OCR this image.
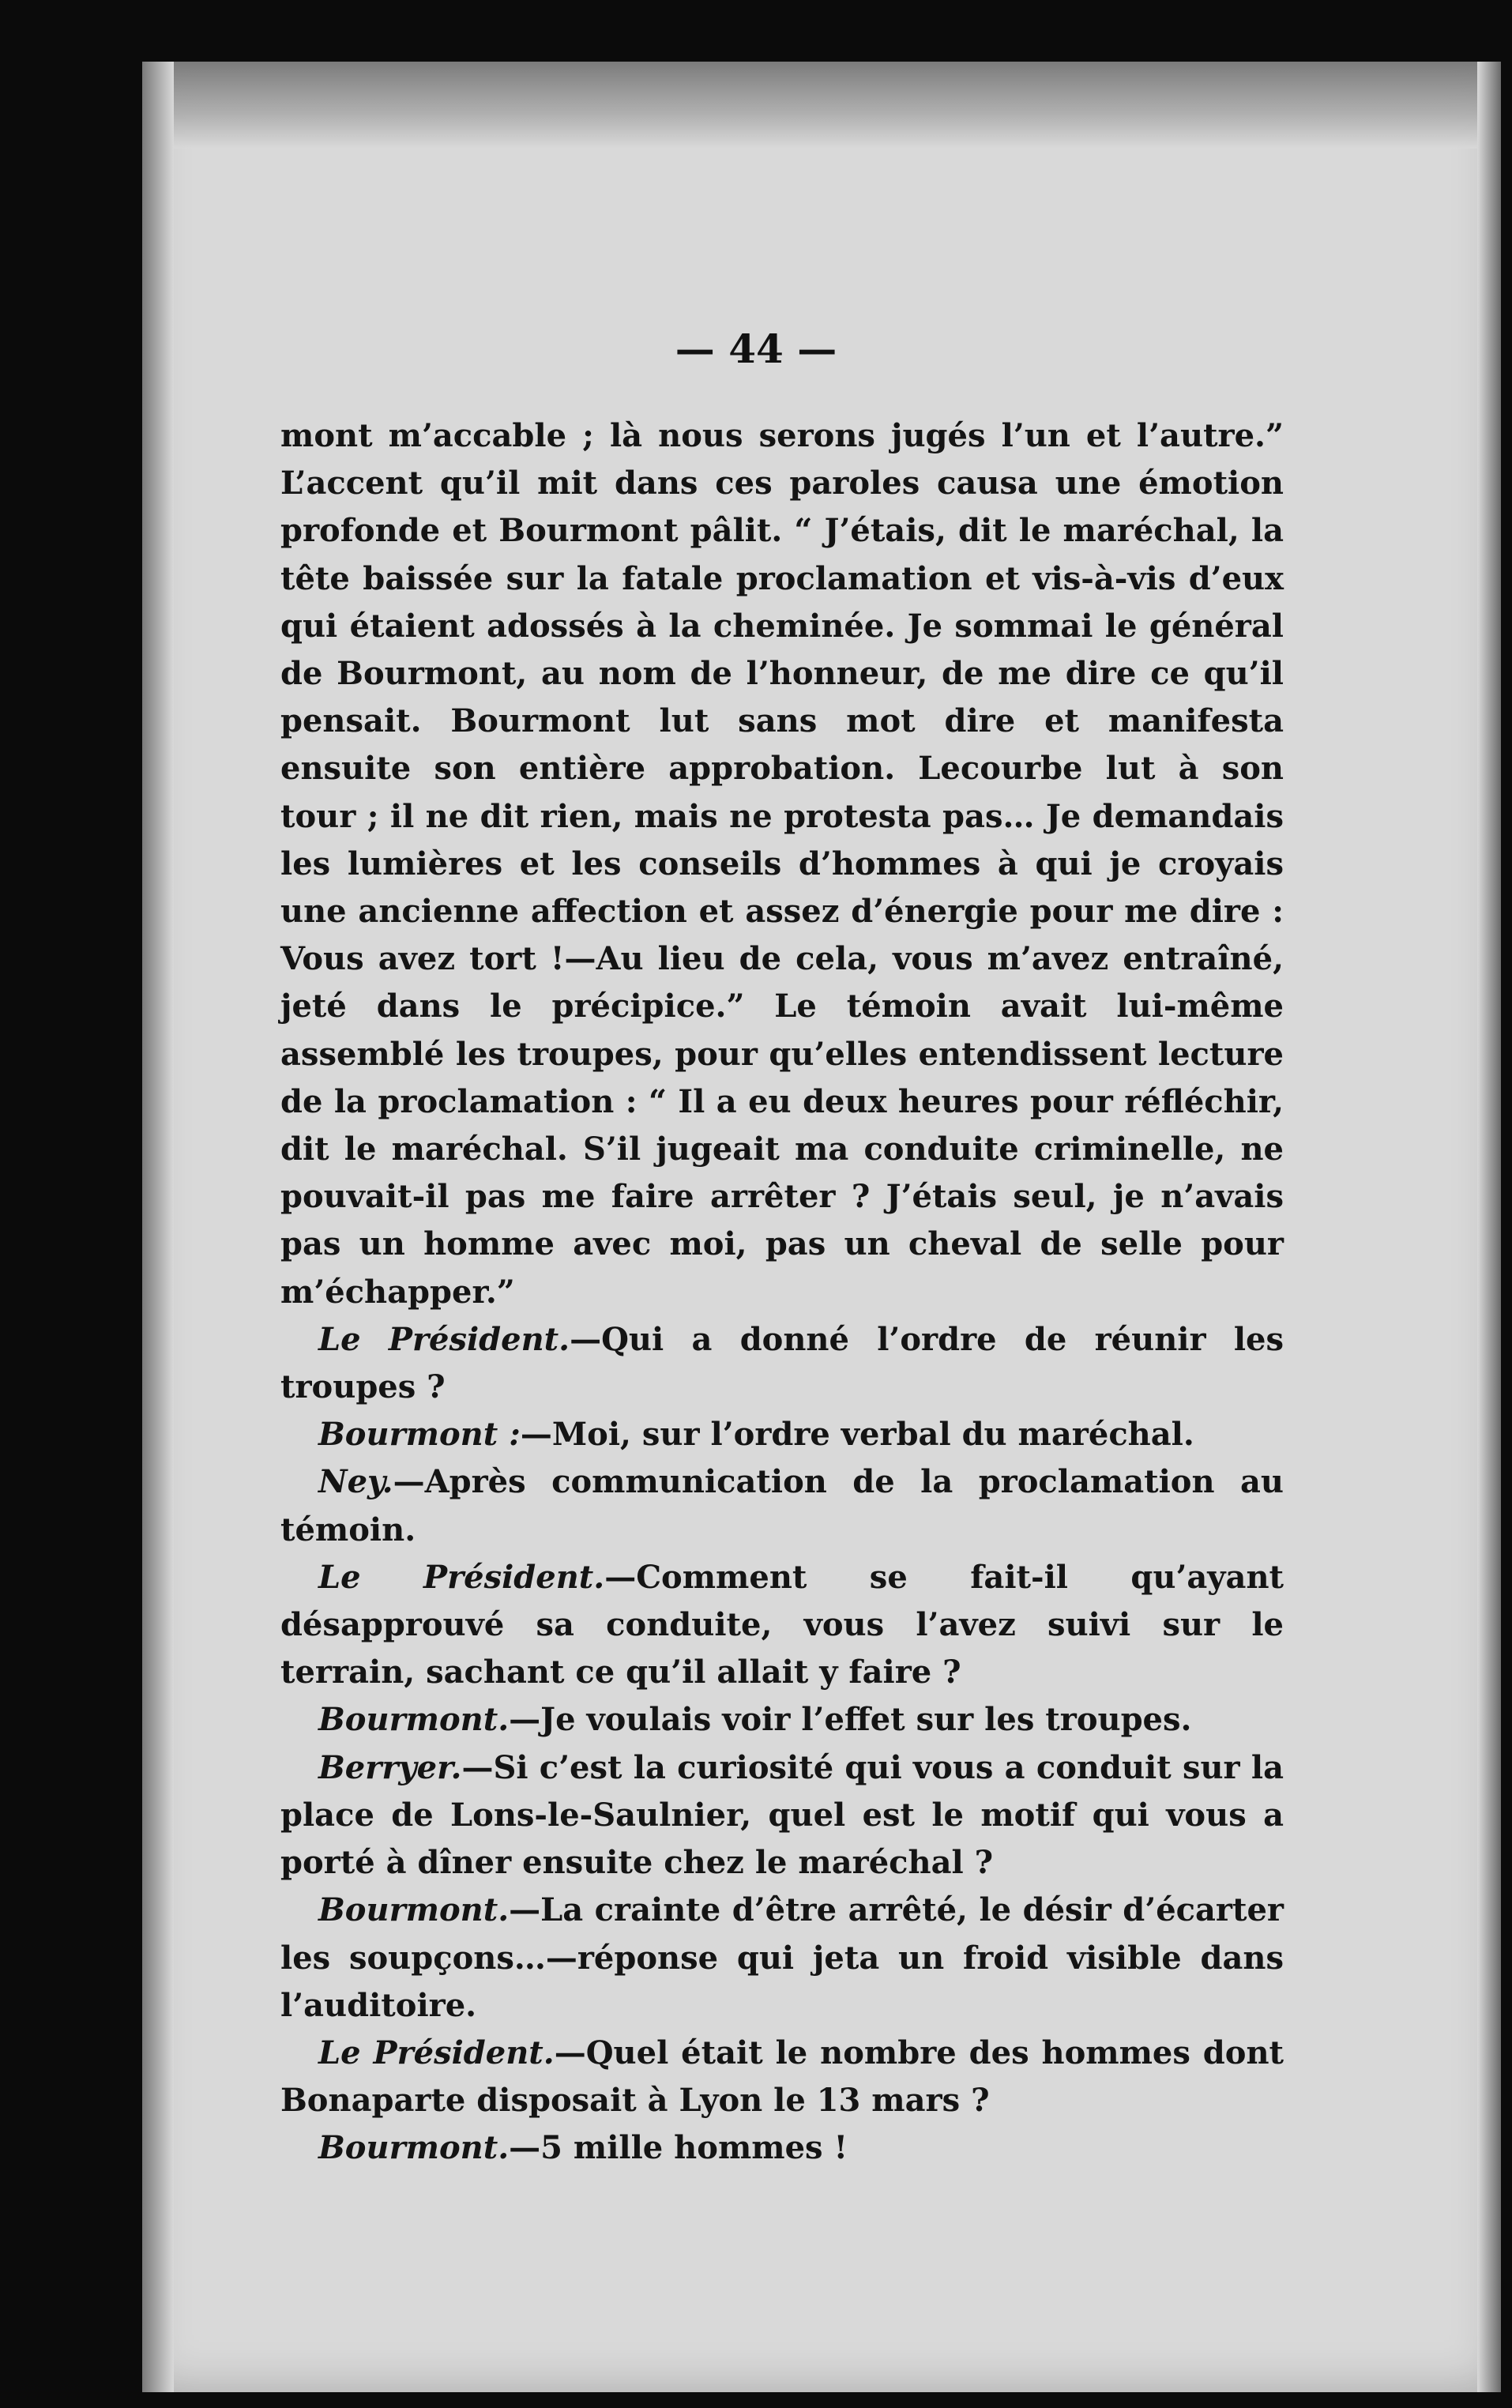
— 44 —

mont m’accable ; là nous serons jugés l’un et l’autre.” L’accent qu’il mit dans ces paroles causa une émotion profonde et Bourmont pâlit. “ J’étais, dit le maréchal, la tête baissée sur la fatale proclamation et vis-à-vis d’eux qui étaient adossés à la cheminée. Je sommai le général de Bourmont, au nom de l’honneur, de me dire ce qu’il pensait. Bourmont lut sans mot dire et manifesta ensuite son entière approbation. Lecourbe lut à son tour ; il ne dit rien, mais ne protesta pas… Je demandais les lumières et les conseils d’hommes à qui je croyais une ancienne affection et assez d’énergie pour me dire : Vous avez tort !—Au lieu de cela, vous m’avez entraîné, jeté dans le précipice.” Le témoin avait lui-même assemblé les troupes, pour qu’elles entendissent lecture de la proclamation : “ Il a eu deux heures pour réfléchir, dit le maréchal. S’il jugeait ma conduite criminelle, ne pouvait-il pas me faire arrêter ? J’étais seul, je n’avais pas un homme avec moi, pas un cheval de selle pour m’échapper.”

Le Président.—Qui a donné l’ordre de réunir les troupes ?

Bourmont :—Moi, sur l’ordre verbal du maréchal.

Ney.—Après communication de la proclamation au témoin.

Le Président.—Comment se fait-il qu’ayant désapprouvé sa conduite, vous l’avez suivi sur le terrain, sachant ce qu’il allait y faire ?

Bourmont.—Je voulais voir l’effet sur les troupes.

Berryer.—Si c’est la curiosité qui vous a conduit sur la place de Lons-le-Saulnier, quel est le motif qui vous a porté à dîner ensuite chez le maréchal ?

Bourmont.—La crainte d’être arrêté, le désir d’écarter les soupçons…—réponse qui jeta un froid visible dans l’auditoire.

Le Président.—Quel était le nombre des hommes dont Bonaparte disposait à Lyon le 13 mars ?

Bourmont.—5 mille hommes !
